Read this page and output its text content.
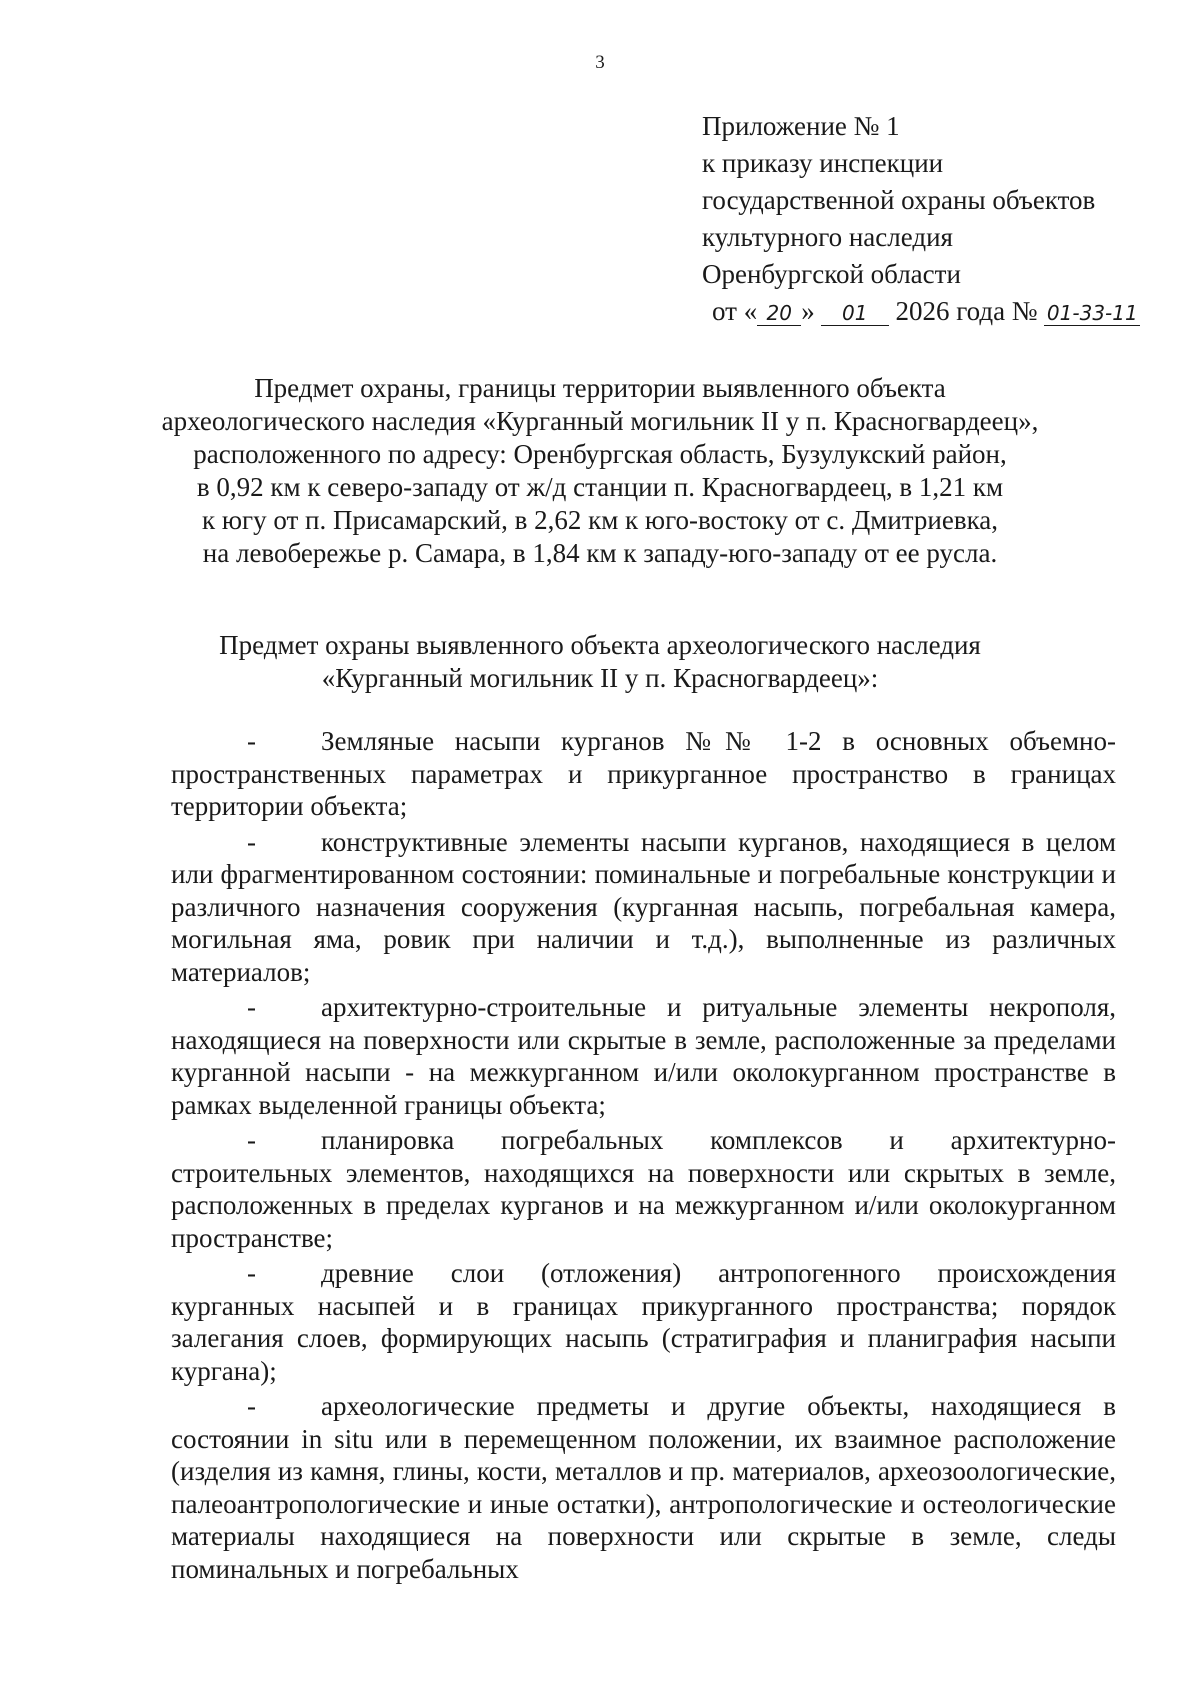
3
Приложение № 1
к приказу инспекции
государственной охраны объектов
культурного наследия
Оренбургской области
от « 20 » 01 2026 года № 01-33-11
Предмет охраны, границы территории выявленного объекта
археологического наследия «Курганный могильник II у п. Красногвардеец»,
расположенного по адресу: Оренбургская область, Бузулукский район,
в 0,92 км к северо-западу от ж/д станции п. Красногвардеец, в 1,21 км
к югу от п. Присамарский, в 2,62 км к юго-востоку от с. Дмитриевка,
на левобережье р. Самара, в 1,84 км к западу-юго-западу от ее русла.
Предмет охраны выявленного объекта археологического наследия
«Курганный могильник II у п. Красногвардеец»:

- Земляные насыпи курганов №№ 1-2 в основных объемно-пространственных параметрах и прикурганное пространство в границах территории объекта;

- конструктивные элементы насыпи курганов, находящиеся в целом или фрагментированном состоянии: поминальные и погребальные конструкции и различного назначения сооружения (курганная насыпь, погребальная камера, могильная яма, ровик при наличии и т.д.), выполненные из различных материалов;

- архитектурно-строительные и ритуальные элементы некрополя, находящиеся на поверхности или скрытые в земле, расположенные за пределами курганной насыпи - на межкурганном и/или околокурганном пространстве в рамках выделенной границы объекта;

- планировка погребальных комплексов и архитектурно-строительных элементов, находящихся на поверхности или скрытых в земле, расположенных в пределах курганов и на межкурганном и/или околокурганном пространстве;

- древние слои (отложения) антропогенного происхождения курганных насыпей и в границах прикурганного пространства; порядок залегания слоев, формирующих насыпь (стратиграфия и планиграфия насыпи кургана);

- археологические предметы и другие объекты, находящиеся в состоянии in situ или в перемещенном положении, их взаимное расположение (изделия из камня, глины, кости, металлов и пр. материалов, археозоологические, палеоантропологические и иные остатки), антропологические и остеологические материалы находящиеся на поверхности или скрытые в земле, следы поминальных и погребальных
